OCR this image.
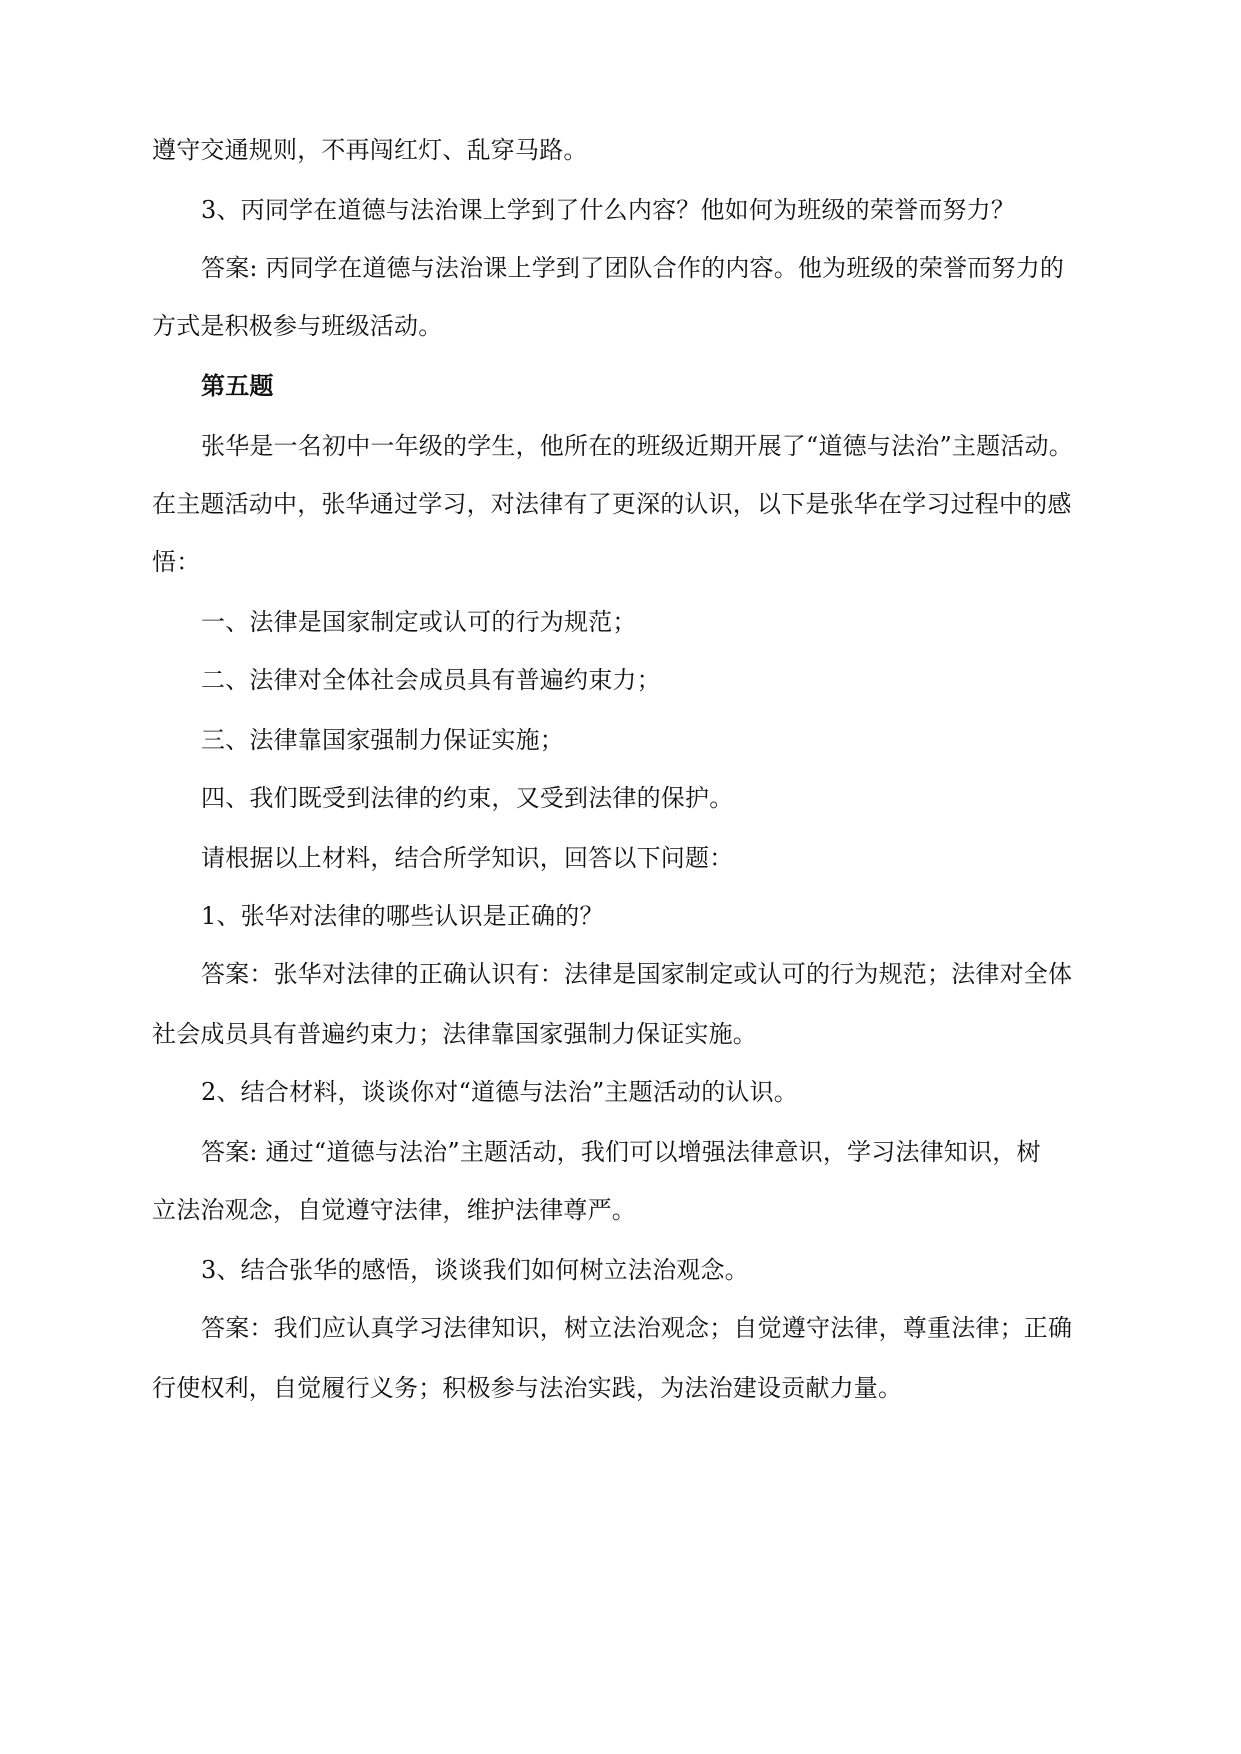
遵守交通规则，不再闯红灯、乱穿马路。
3、丙同学在道德与法治课上学到了什么内容？他如何为班级的荣誉而努力？
答案: 丙同学在道德与法治课上学到了团队合作的内容。他为班级的荣誉而努力的
方式是积极参与班级活动。
第五题
张华是一名初中一年级的学生，他所在的班级近期开展了“道德与法治”主题活动。
在主题活动中，张华通过学习，对法律有了更深的认识，以下是张华在学习过程中的感
悟：
一、法律是国家制定或认可的行为规范；
二、法律对全体社会成员具有普遍约束力；
三、法律靠国家强制力保证实施；
四、我们既受到法律的约束，又受到法律的保护。
请根据以上材料，结合所学知识，回答以下问题：
1、张华对法律的哪些认识是正确的？
答案：张华对法律的正确认识有：法律是国家制定或认可的行为规范；法律对全体
社会成员具有普遍约束力；法律靠国家强制力保证实施。
2、结合材料，谈谈你对“道德与法治”主题活动的认识。
答案: 通过“道德与法治”主题活动，我们可以增强法律意识，学习法律知识，树
立法治观念，自觉遵守法律，维护法律尊严。
3、结合张华的感悟，谈谈我们如何树立法治观念。
答案：我们应认真学习法律知识，树立法治观念；自觉遵守法律，尊重法律；正确
行使权利，自觉履行义务；积极参与法治实践，为法治建设贡献力量。
